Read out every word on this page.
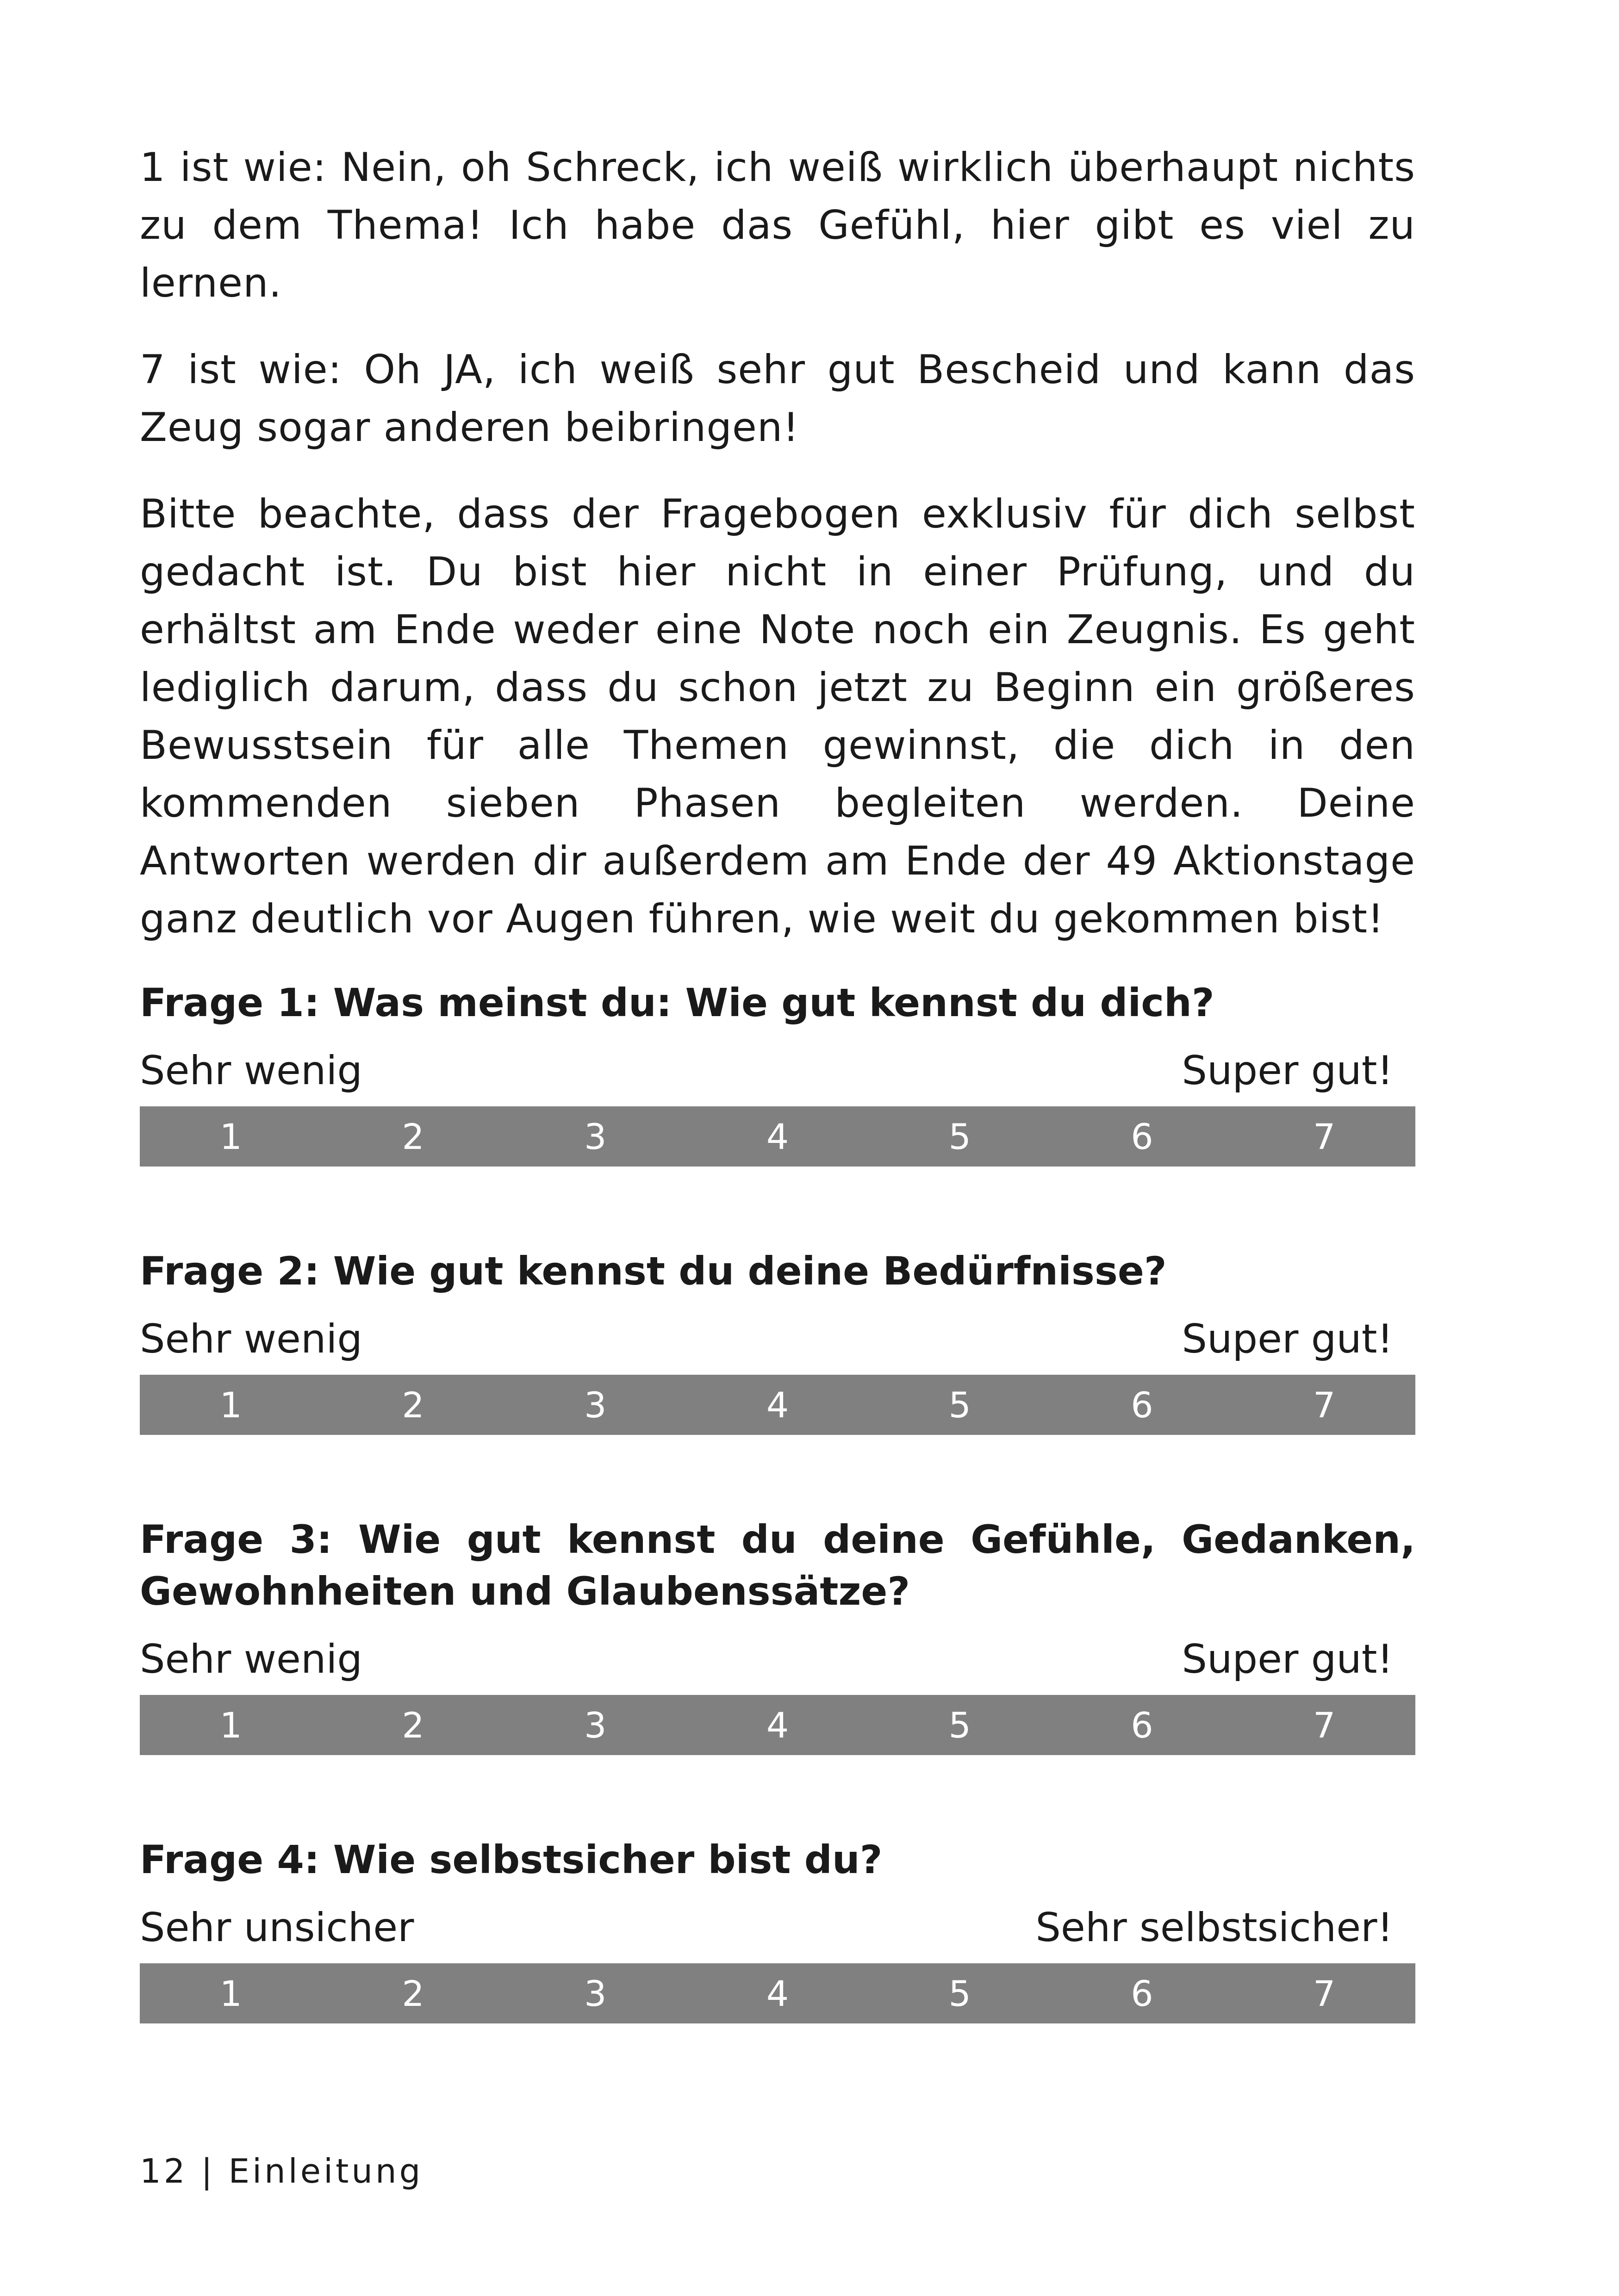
1 ist wie: Nein, oh Schreck, ich weiß wirklich überhaupt nichts zu dem Thema! Ich habe das Gefühl, hier gibt es viel zu lernen.

7 ist wie: Oh JA, ich weiß sehr gut Bescheid und kann das Zeug sogar anderen beibringen!

Bitte beachte, dass der Fragebogen exklusiv für dich selbst gedacht ist. Du bist hier nicht in einer Prüfung, und du erhältst am Ende weder eine Note noch ein Zeugnis. Es geht lediglich darum, dass du schon jetzt zu Beginn ein größeres Bewusstsein für alle Themen gewinnst, die dich in den kommenden sieben Phasen begleiten werden. Deine Antworten werden dir außerdem am Ende der 49 Aktionstage ganz deutlich vor Augen führen, wie weit du gekommen bist!

Frage 1: Was meinst du: Wie gut kennst du dich?

Sehr wenig	Super gut!
1	2	3	4	5	6	7

Frage 2: Wie gut kennst du deine Bedürfnisse?

Sehr wenig	Super gut!
1	2	3	4	5	6	7

Frage 3: Wie gut kennst du deine Gefühle, Gedanken, Gewohnheiten und Glaubenssätze?

Sehr wenig	Super gut!
1	2	3	4	5	6	7

Frage 4: Wie selbstsicher bist du?

Sehr unsicher	Sehr selbstsicher!
1	2	3	4	5	6	7
12 | Einleitung
